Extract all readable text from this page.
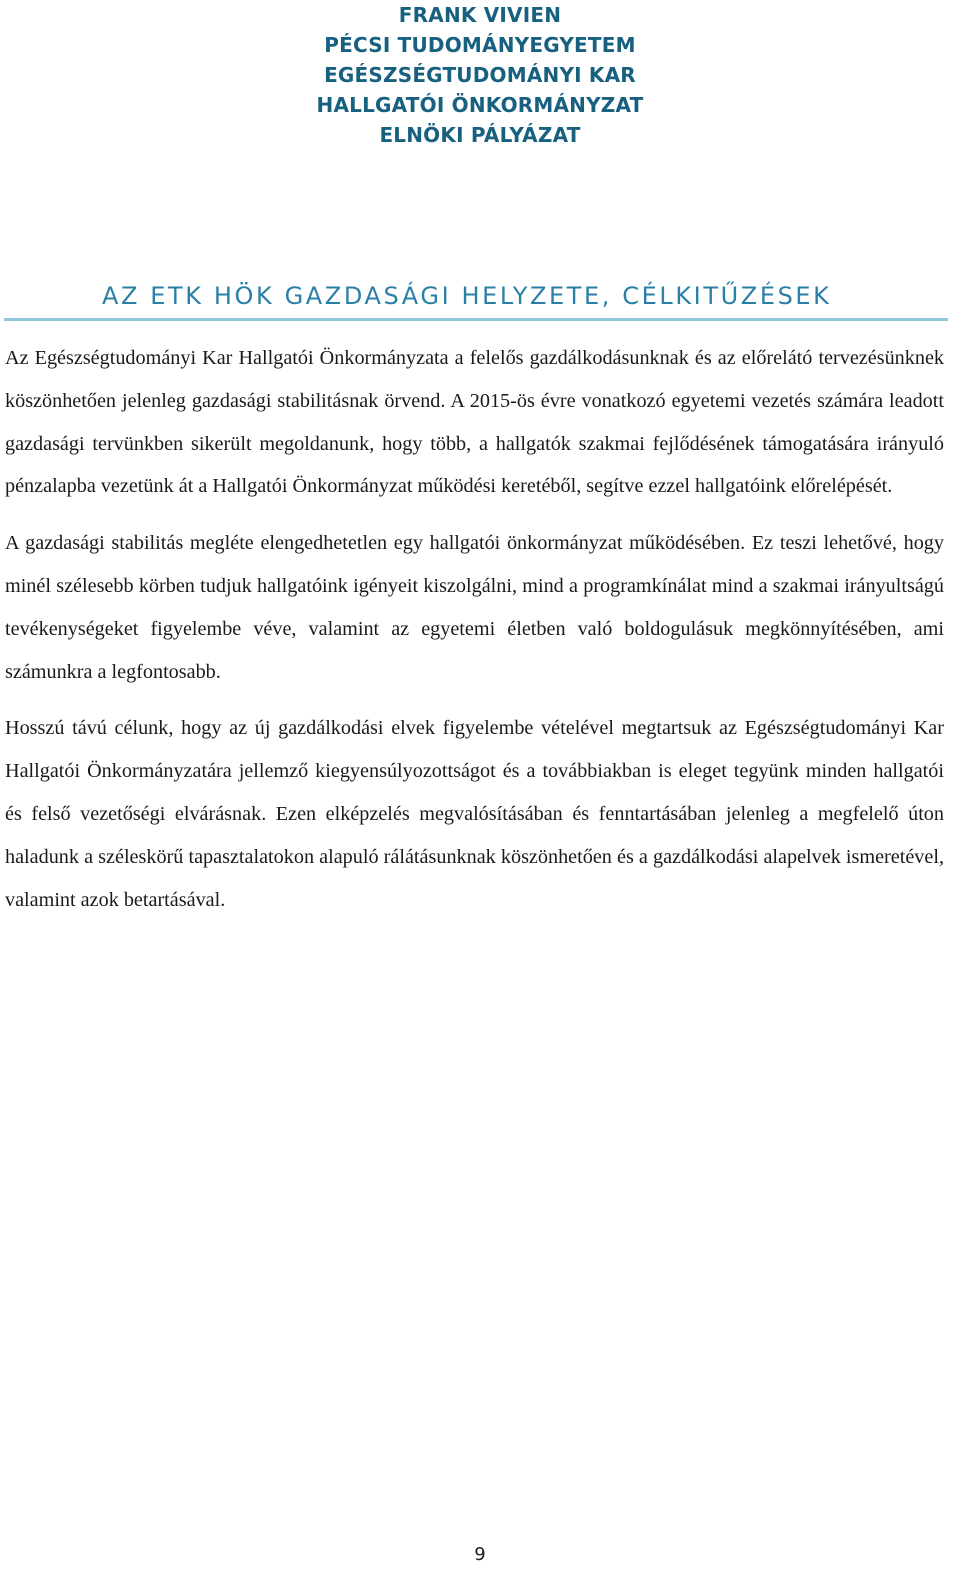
FRANK VIVIEN
PÉCSI TUDOMÁNYEGYETEM
EGÉSZSÉGTUDOMÁNYI KAR
HALLGATÓI ÖNKORMÁNYZAT
ELNÖKI PÁLYÁZAT
AZ ETK HÖK GAZDASÁGI HELYZETE, CÉLKITŰZÉSEK

Az Egészségtudományi Kar Hallgatói Önkormányzata a felelős gazdálkodásunknak és az előrelátó tervezésünknek köszönhetően jelenleg gazdasági stabilitásnak örvend. A 2015-ös évre vonatkozó egyetemi vezetés számára leadott gazdasági tervünkben sikerült megoldanunk, hogy több, a hallgatók szakmai fejlődésének támogatására irányuló pénzalapba vezetünk át a Hallgatói Önkormányzat működési keretéből, segítve ezzel hallgatóink előrelépését.

A gazdasági stabilitás megléte elengedhetetlen egy hallgatói önkormányzat működésében. Ez teszi lehetővé, hogy minél szélesebb körben tudjuk hallgatóink igényeit kiszolgálni, mind a programkínálat mind a szakmai irányultságú tevékenységeket figyelembe véve, valamint az egyetemi életben való boldogulásuk megkönnyítésében, ami számunkra a legfontosabb.

Hosszú távú célunk, hogy az új gazdálkodási elvek figyelembe vételével megtartsuk az Egészségtudományi Kar Hallgatói Önkormányzatára jellemző kiegyensúlyozottságot és a továbbiakban is eleget tegyünk minden hallgatói és felső vezetőségi elvárásnak. Ezen elképzelés megvalósításában és fenntartásában jelenleg a megfelelő úton haladunk a széleskörű tapasztalatokon alapuló rálátásunknak köszönhetően és a gazdálkodási alapelvek ismeretével, valamint azok betartásával.

9
